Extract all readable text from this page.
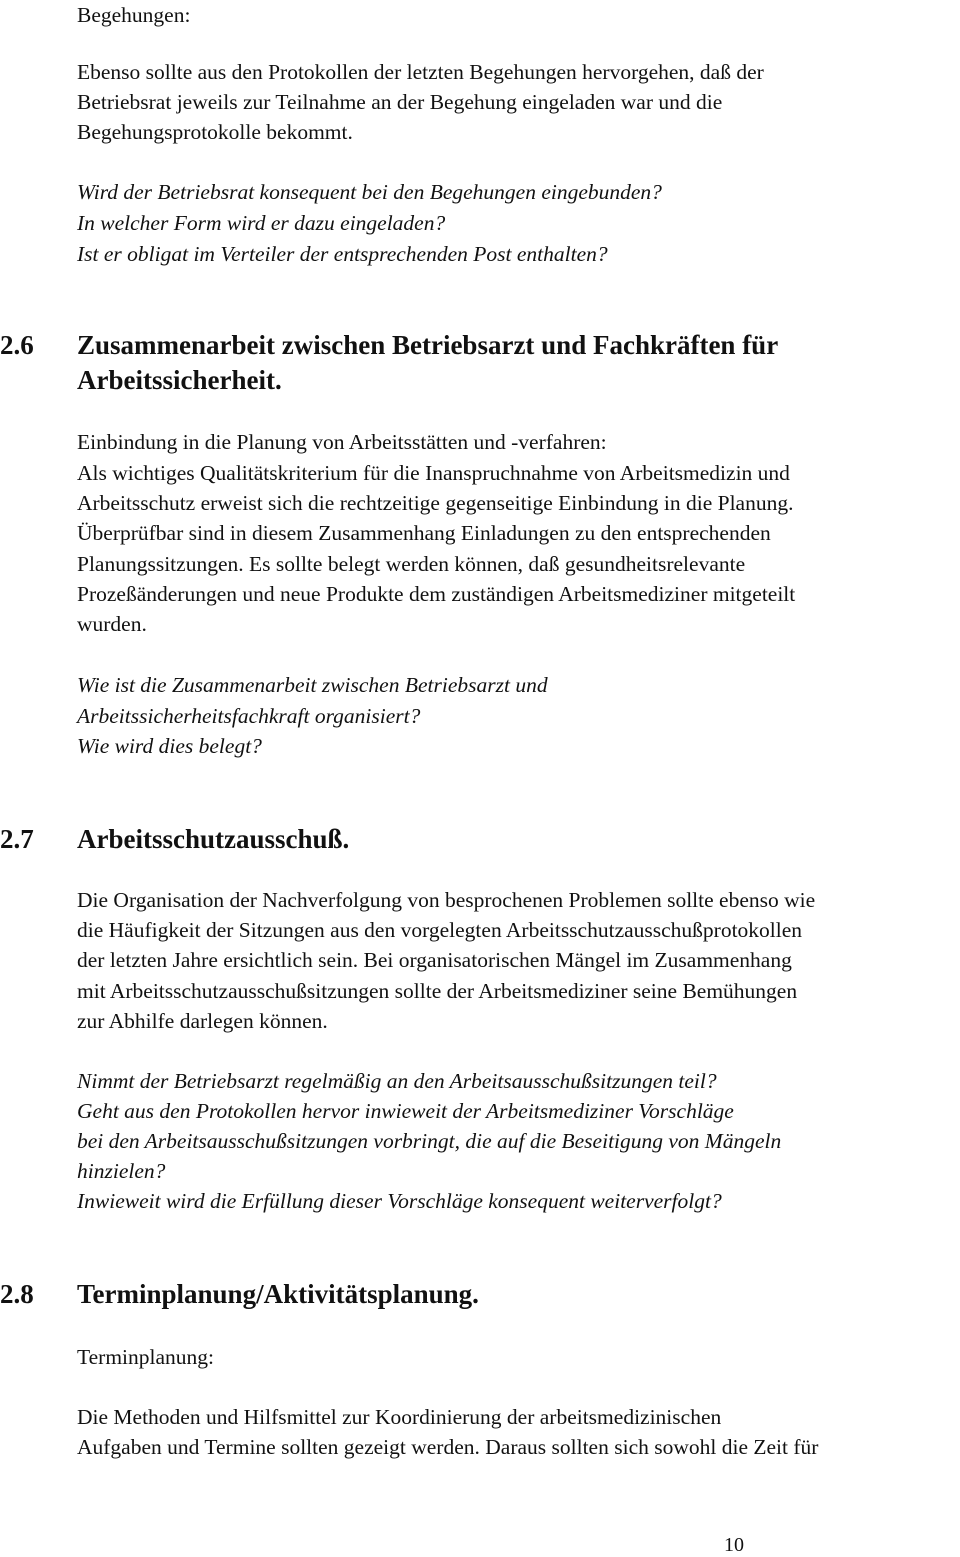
Begehungen:
Ebenso sollte aus den Protokollen der letzten Begehungen hervorgehen, daß der
Betriebsrat jeweils zur Teilnahme an der Begehung eingeladen war und die
Begehungsprotokolle bekommt.
Wird der Betriebsrat konsequent bei den Begehungen eingebunden?
In welcher Form wird er dazu eingeladen?
Ist er obligat im Verteiler der entsprechenden Post enthalten?
2.6 Zusammenarbeit zwischen Betriebsarzt und Fachkräften für
Arbeitssicherheit.
Einbindung in die Planung von Arbeitsstätten und -verfahren:
Als wichtiges Qualitätskriterium für die Inanspruchnahme von Arbeitsmedizin und
Arbeitsschutz erweist sich die rechtzeitige gegenseitige Einbindung in die Planung.
Überprüfbar sind in diesem Zusammenhang Einladungen zu den entsprechenden
Planungssitzungen. Es sollte belegt werden können, daß gesundheitsrelevante
Prozeßänderungen und neue Produkte dem zuständigen Arbeitsmediziner mitgeteilt
wurden.
Wie ist die Zusammenarbeit zwischen Betriebsarzt und
Arbeitssicherheitsfachkraft organisiert?
Wie wird dies belegt?
2.7 Arbeitsschutzausschuß.
Die Organisation der Nachverfolgung von besprochenen Problemen sollte ebenso wie
die Häufigkeit der Sitzungen aus den vorgelegten Arbeitsschutzausschußprotokollen
der letzten Jahre ersichtlich sein. Bei organisatorischen Mängel im Zusammenhang
mit Arbeitsschutzausschußsitzungen sollte der Arbeitsmediziner seine Bemühungen
zur Abhilfe darlegen können.
Nimmt der Betriebsarzt regelmäßig an den Arbeitsausschußsitzungen teil?
Geht aus den Protokollen hervor inwieweit der Arbeitsmediziner Vorschläge
bei den Arbeitsausschußsitzungen vorbringt, die auf die Beseitigung von Mängeln
hinzielen?
Inwieweit wird die Erfüllung dieser Vorschläge konsequent weiterverfolgt?
2.8 Terminplanung/Aktivitätsplanung.
Terminplanung:
Die Methoden und Hilfsmittel zur Koordinierung der arbeitsmedizinischen
Aufgaben und Termine sollten gezeigt werden. Daraus sollten sich sowohl die Zeit für
10
